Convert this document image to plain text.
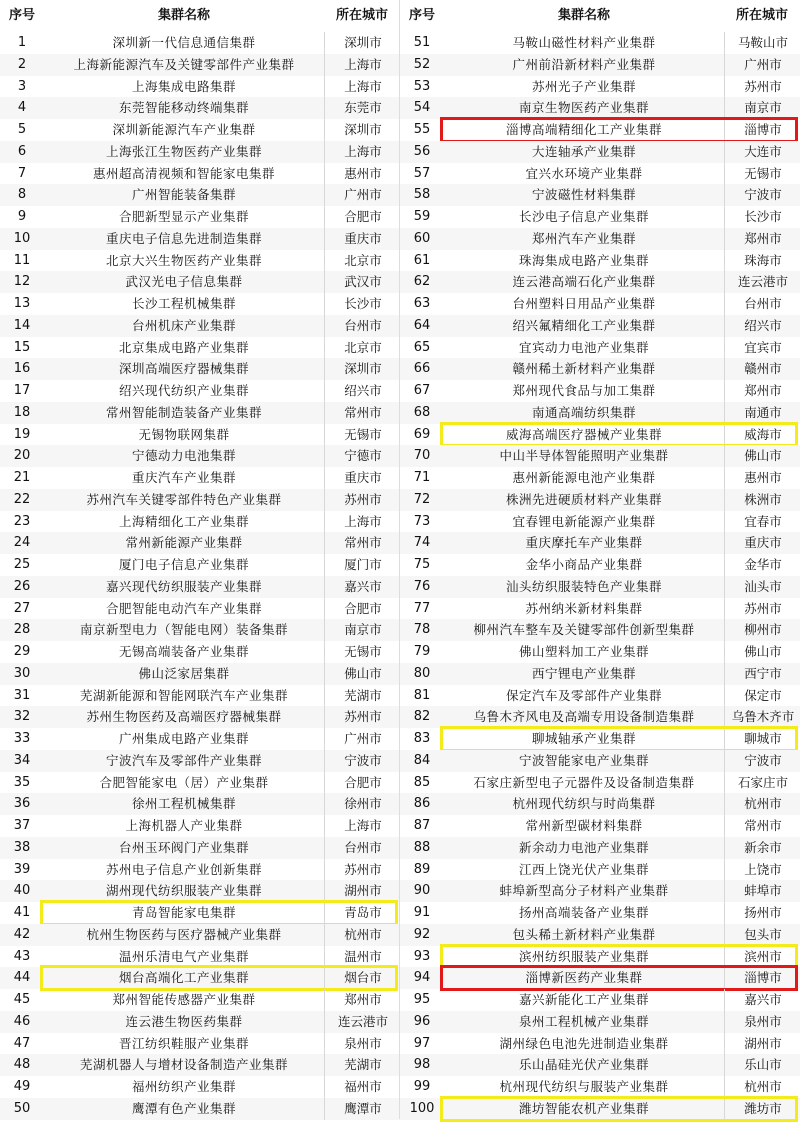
序号	集群名称	所在城市
1	深圳新一代信息通信集群	深圳市
2	上海新能源汽车及关键零部件产业集群	上海市
3	上海集成电路集群	上海市
4	东莞智能移动终端集群	东莞市
5	深圳新能源汽车产业集群	深圳市
6	上海张江生物医药产业集群	上海市
7	惠州超高清视频和智能家电集群	惠州市
8	广州智能装备集群	广州市
9	合肥新型显示产业集群	合肥市
10	重庆电子信息先进制造集群	重庆市
11	北京大兴生物医药产业集群	北京市
12	武汉光电子信息集群	武汉市
13	长沙工程机械集群	长沙市
14	台州机床产业集群	台州市
15	北京集成电路产业集群	北京市
16	深圳高端医疗器械集群	深圳市
17	绍兴现代纺织产业集群	绍兴市
18	常州智能制造装备产业集群	常州市
19	无锡物联网集群	无锡市
20	宁德动力电池集群	宁德市
21	重庆汽车产业集群	重庆市
22	苏州汽车关键零部件特色产业集群	苏州市
23	上海精细化工产业集群	上海市
24	常州新能源产业集群	常州市
25	厦门电子信息产业集群	厦门市
26	嘉兴现代纺织服装产业集群	嘉兴市
27	合肥智能电动汽车产业集群	合肥市
28	南京新型电力（智能电网）装备集群	南京市
29	无锡高端装备产业集群	无锡市
30	佛山泛家居集群	佛山市
31	芜湖新能源和智能网联汽车产业集群	芜湖市
32	苏州生物医药及高端医疗器械集群	苏州市
33	广州集成电路产业集群	广州市
34	宁波汽车及零部件产业集群	宁波市
35	合肥智能家电（居）产业集群	合肥市
36	徐州工程机械集群	徐州市
37	上海机器人产业集群	上海市
38	台州玉环阀门产业集群	台州市
39	苏州电子信息产业创新集群	苏州市
40	湖州现代纺织服装产业集群	湖州市
41	青岛智能家电集群	青岛市
42	杭州生物医药与医疗器械产业集群	杭州市
43	温州乐清电气产业集群	温州市
44	烟台高端化工产业集群	烟台市
45	郑州智能传感器产业集群	郑州市
46	连云港生物医药集群	连云港市
47	晋江纺织鞋服产业集群	泉州市
48	芜湖机器人与增材设备制造产业集群	芜湖市
49	福州纺织产业集群	福州市
50	鹰潭有色产业集群	鹰潭市
序号	集群名称	所在城市
51	马鞍山磁性材料产业集群	马鞍山市
52	广州前沿新材料产业集群	广州市
53	苏州光子产业集群	苏州市
54	南京生物医药产业集群	南京市
55	淄博高端精细化工产业集群	淄博市
56	大连轴承产业集群	大连市
57	宜兴水环境产业集群	无锡市
58	宁波磁性材料集群	宁波市
59	长沙电子信息产业集群	长沙市
60	郑州汽车产业集群	郑州市
61	珠海集成电路产业集群	珠海市
62	连云港高端石化产业集群	连云港市
63	台州塑料日用品产业集群	台州市
64	绍兴氟精细化工产业集群	绍兴市
65	宜宾动力电池产业集群	宜宾市
66	赣州稀土新材料产业集群	赣州市
67	郑州现代食品与加工集群	郑州市
68	南通高端纺织集群	南通市
69	威海高端医疗器械产业集群	威海市
70	中山半导体智能照明产业集群	佛山市
71	惠州新能源电池产业集群	惠州市
72	株洲先进硬质材料产业集群	株洲市
73	宜春锂电新能源产业集群	宜春市
74	重庆摩托车产业集群	重庆市
75	金华小商品产业集群	金华市
76	汕头纺织服装特色产业集群	汕头市
77	苏州纳米新材料集群	苏州市
78	柳州汽车整车及关键零部件创新型集群	柳州市
79	佛山塑料加工产业集群	佛山市
80	西宁锂电产业集群	西宁市
81	保定汽车及零部件产业集群	保定市
82	乌鲁木齐风电及高端专用设备制造集群	乌鲁木齐市
83	聊城轴承产业集群	聊城市
84	宁波智能家电产业集群	宁波市
85	石家庄新型电子元器件及设备制造集群	石家庄市
86	杭州现代纺织与时尚集群	杭州市
87	常州新型碳材料集群	常州市
88	新余动力电池产业集群	新余市
89	江西上饶光伏产业集群	上饶市
90	蚌埠新型高分子材料产业集群	蚌埠市
91	扬州高端装备产业集群	扬州市
92	包头稀土新材料产业集群	包头市
93	滨州纺织服装产业集群	滨州市
94	淄博新医药产业集群	淄博市
95	嘉兴新能化工产业集群	嘉兴市
96	泉州工程机械产业集群	泉州市
97	湖州绿色电池先进制造业集群	湖州市
98	乐山晶硅光伏产业集群	乐山市
99	杭州现代纺织与服装产业集群	杭州市
100	潍坊智能农机产业集群	潍坊市
